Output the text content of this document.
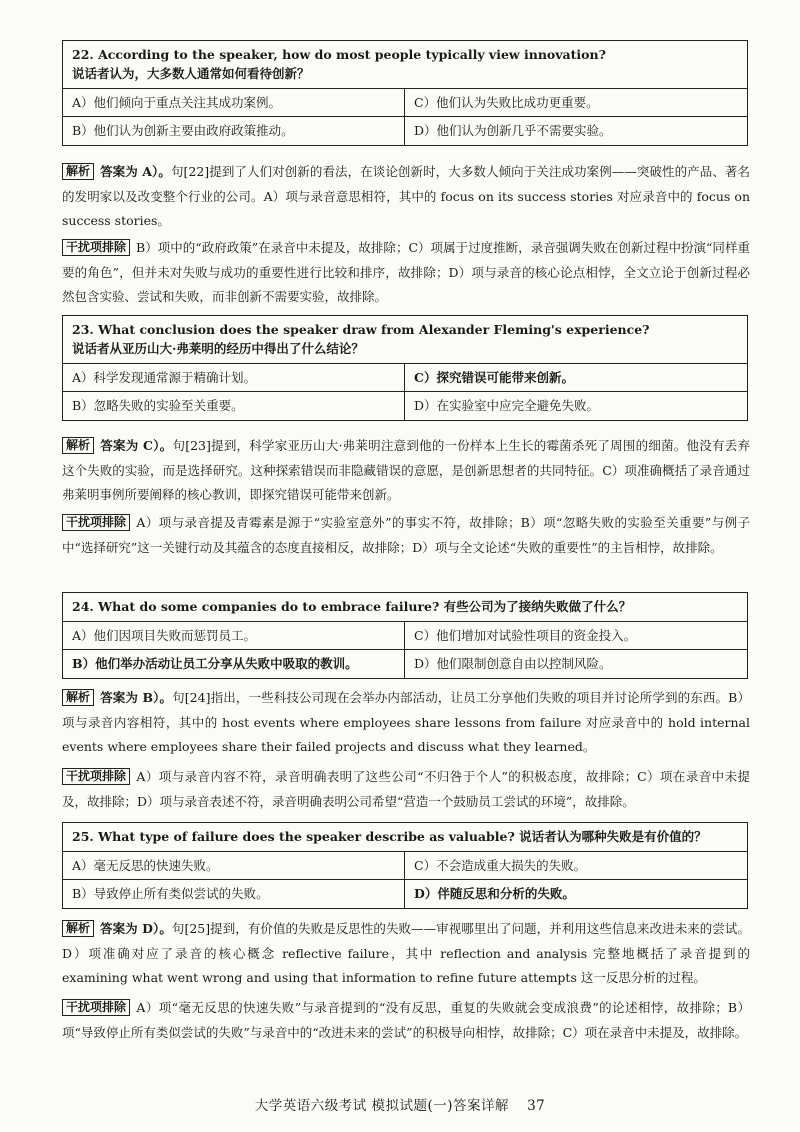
22. According to the speaker, how do most people typically view innovation?
说话者认为，大多数人通常如何看待创新？
A）他们倾向于重点关注其成功案例。	C）他们认为失败比成功更重要。
B）他们认为创新主要由政府政策推动。	D）他们认为创新几乎不需要实验。

解析 答案为 A）。句[22]提到了人们对创新的看法，在谈论创新时，大多数人倾向于关注成功案例——突破性的产品、著名的发明家以及改变整个行业的公司。A）项与录音意思相符，其中的 focus on its success stories 对应录音中的 focus on success stories。

干扰项排除 B）项中的“政府政策”在录音中未提及，故排除；C）项属于过度推断，录音强调失败在创新过程中扮演“同样重要的角色”，但并未对失败与成功的重要性进行比较和排序，故排除；D）项与录音的核心论点相悖，全文立论于创新过程必然包含实验、尝试和失败，而非创新不需要实验，故排除。

23. What conclusion does the speaker draw from Alexander Fleming's experience?
说话者从亚历山大·弗莱明的经历中得出了什么结论？
A）科学发现通常源于精确计划。	C）探究错误可能带来创新。
B）忽略失败的实验至关重要。	D）在实验室中应完全避免失败。

解析 答案为 C）。句[23]提到，科学家亚历山大·弗莱明注意到他的一份样本上生长的霉菌杀死了周围的细菌。他没有丢弃这个失败的实验，而是选择研究。这种探索错误而非隐藏错误的意愿，是创新思想者的共同特征。C）项准确概括了录音通过弗莱明事例所要阐释的核心教训，即探究错误可能带来创新。

干扰项排除 A）项与录音提及青霉素是源于“实验室意外”的事实不符，故排除；B）项“忽略失败的实验至关重要”与例子中“选择研究”这一关键行动及其蕴含的态度直接相反，故排除；D）项与全文论述“失败的重要性”的主旨相悖，故排除。

24. What do some companies do to embrace failure? 有些公司为了接纳失败做了什么？
A）他们因项目失败而惩罚员工。	C）他们增加对试验性项目的资金投入。
B）他们举办活动让员工分享从失败中吸取的教训。	D）他们限制创意自由以控制风险。

解析 答案为 B）。句[24]指出，一些科技公司现在会举办内部活动，让员工分享他们失败的项目并讨论所学到的东西。B）项与录音内容相符，其中的 host events where employees share lessons from failure 对应录音中的 hold internal events where employees share their failed projects and discuss what they learned。

干扰项排除 A）项与录音内容不符，录音明确表明了这些公司“不归咎于个人”的积极态度，故排除；C）项在录音中未提及，故排除；D）项与录音表述不符，录音明确表明公司希望“营造一个鼓励员工尝试的环境”，故排除。

25. What type of failure does the speaker describe as valuable? 说话者认为哪种失败是有价值的？
A）毫无反思的快速失败。	C）不会造成重大损失的失败。
B）导致停止所有类似尝试的失败。	D）伴随反思和分析的失败。

解析 答案为 D）。句[25]提到，有价值的失败是反思性的失败——审视哪里出了问题，并利用这些信息来改进未来的尝试。D）项准确对应了录音的核心概念 reflective failure，其中 reflection and analysis 完整地概括了录音提到的 examining what went wrong and using that information to refine future attempts 这一反思分析的过程。

干扰项排除 A）项“毫无反思的快速失败”与录音提到的“没有反思，重复的失败就会变成浪费”的论述相悖，故排除；B）项“导致停止所有类似尝试的失败”与录音中的“改进未来的尝试”的积极导向相悖，故排除；C）项在录音中未提及，故排除。

大学英语六级考试 模拟试题(一)答案详解 37
